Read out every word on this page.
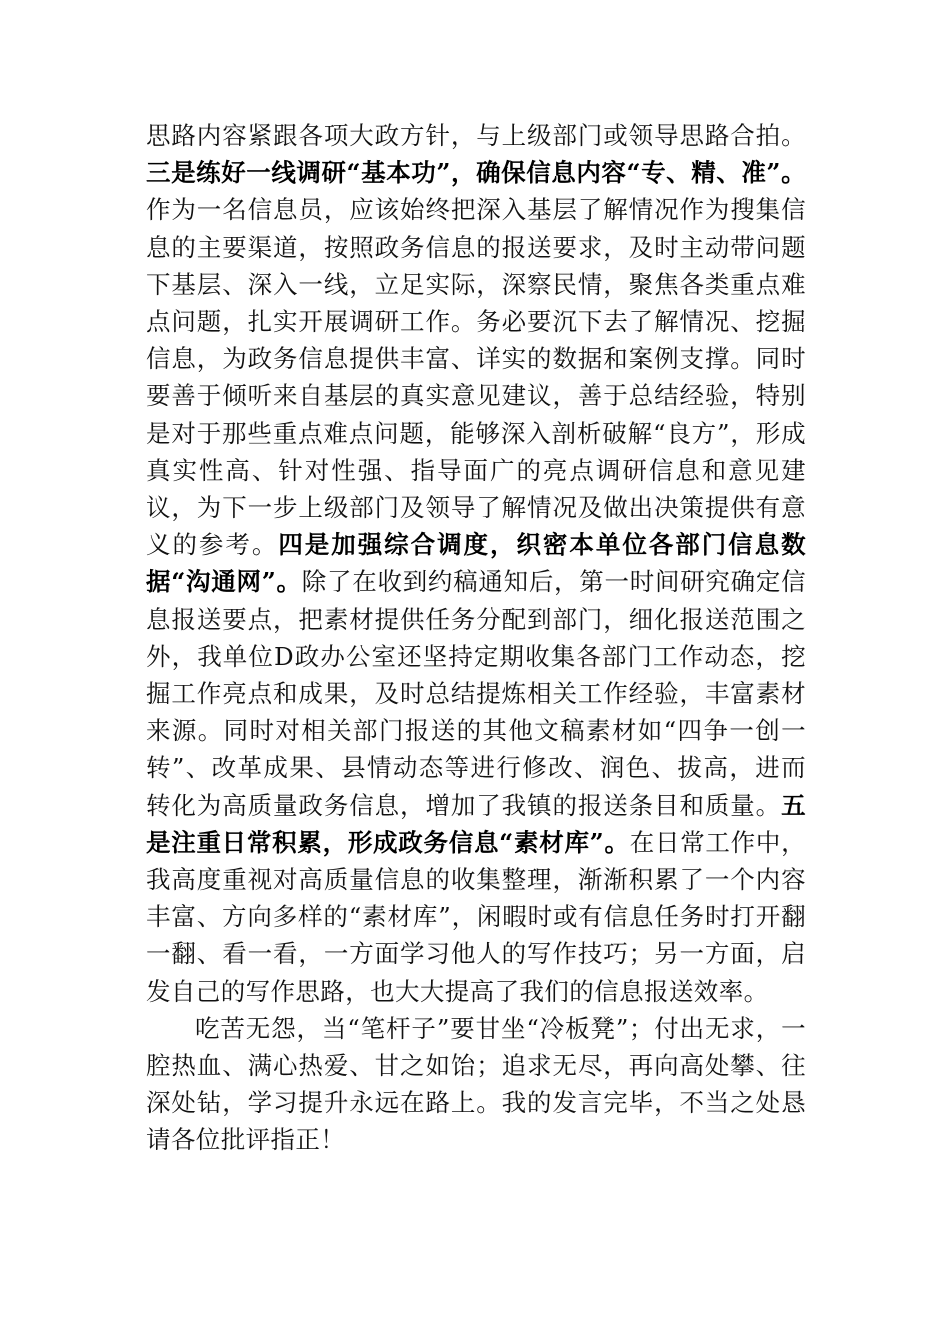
思路内容紧跟各项大政方针，与上级部门或领导思路合拍。三是练好一线调研“基本功”，确保信息内容“专、精、准”。作为一名信息员，应该始终把深入基层了解情况作为搜集信息的主要渠道，按照政务信息的报送要求，及时主动带问题下基层、深入一线，立足实际，深察民情，聚焦各类重点难点问题，扎实开展调研工作。务必要沉下去了解情况、挖掘信息，为政务信息提供丰富、详实的数据和案例支撑。同时要善于倾听来自基层的真实意见建议，善于总结经验，特别是对于那些重点难点问题，能够深入剖析破解“良方”，形成真实性高、针对性强、指导面广的亮点调研信息和意见建议，为下一步上级部门及领导了解情况及做出决策提供有意义的参考。四是加强综合调度，织密本单位各部门信息数据“沟通网”。除了在收到约稿通知后，第一时间研究确定信息报送要点，把素材提供任务分配到部门，细化报送范围之外，我单位D政办公室还坚持定期收集各部门工作动态，挖掘工作亮点和成果，及时总结提炼相关工作经验，丰富素材来源。同时对相关部门报送的其他文稿素材如“四争一创一转”、改革成果、县情动态等进行修改、润色、拔高，进而转化为高质量政务信息，增加了我镇的报送条目和质量。五是注重日常积累，形成政务信息“素材库”。在日常工作中，我高度重视对高质量信息的收集整理，渐渐积累了一个内容丰富、方向多样的“素材库”，闲暇时或有信息任务时打开翻一翻、看一看，一方面学习他人的写作技巧；另一方面，启发自己的写作思路，也大大提高了我们的信息报送效率。

吃苦无怨，当“笔杆子”要甘坐“冷板凳”；付出无求，一腔热血、满心热爱、甘之如饴；追求无尽，再向高处攀、往深处钻，学习提升永远在路上。我的发言完毕，不当之处恳请各位批评指正！
